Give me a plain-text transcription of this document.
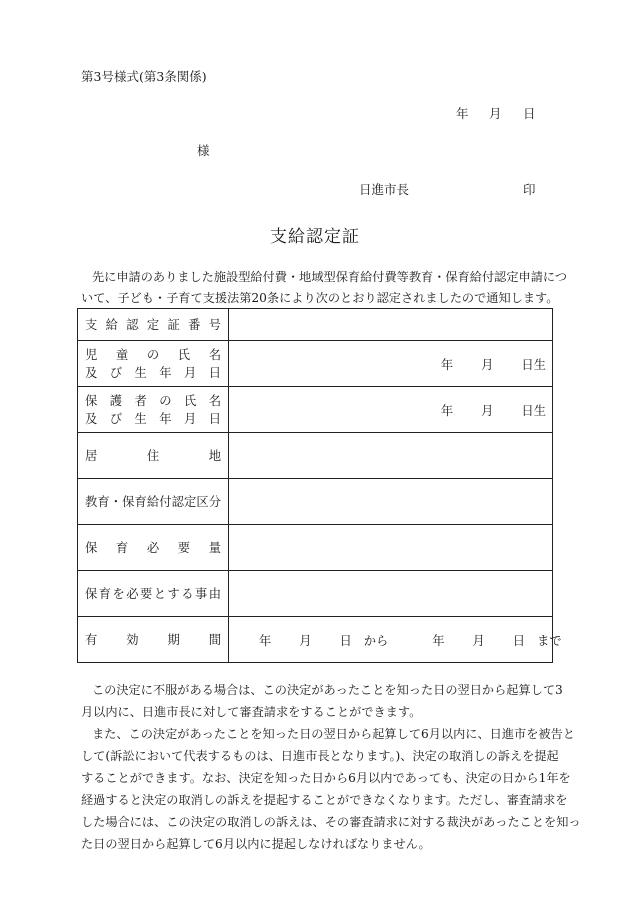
第3号様式(第3条関係)
年 月 日
様
日進市長	印
支給認定証
先に申請のありました施設型給付費・地域型保育給付費等教育・保育給付認定申請につ
いて、子ども・子育て支援法第20条により次のとおり認定されましたので通知します。
支給認定証番号	

児童の氏名
及び生年月日	年 月 日生

保護者の氏名
及び生年月日	年 月 日生

居住地	

教育・保育給付認定区分	

保育必要量	

保育を必要とする事由	

有効期間	年 月 日 から 年 月 日 まで
この決定に不服がある場合は、この決定があったことを知った日の翌日から起算して3
月以内に、日進市長に対して審査請求をすることができます。
また、この決定があったことを知った日の翌日から起算して6月以内に、日進市を被告と
して(訴訟において代表するものは、日進市長となります。)、決定の取消しの訴えを提起
することができます。なお、決定を知った日から6月以内であっても、決定の日から1年を
経過すると決定の取消しの訴えを提起することができなくなります。ただし、審査請求を
した場合には、この決定の取消しの訴えは、その審査請求に対する裁決があったことを知っ
た日の翌日から起算して6月以内に提起しなければなりません。
